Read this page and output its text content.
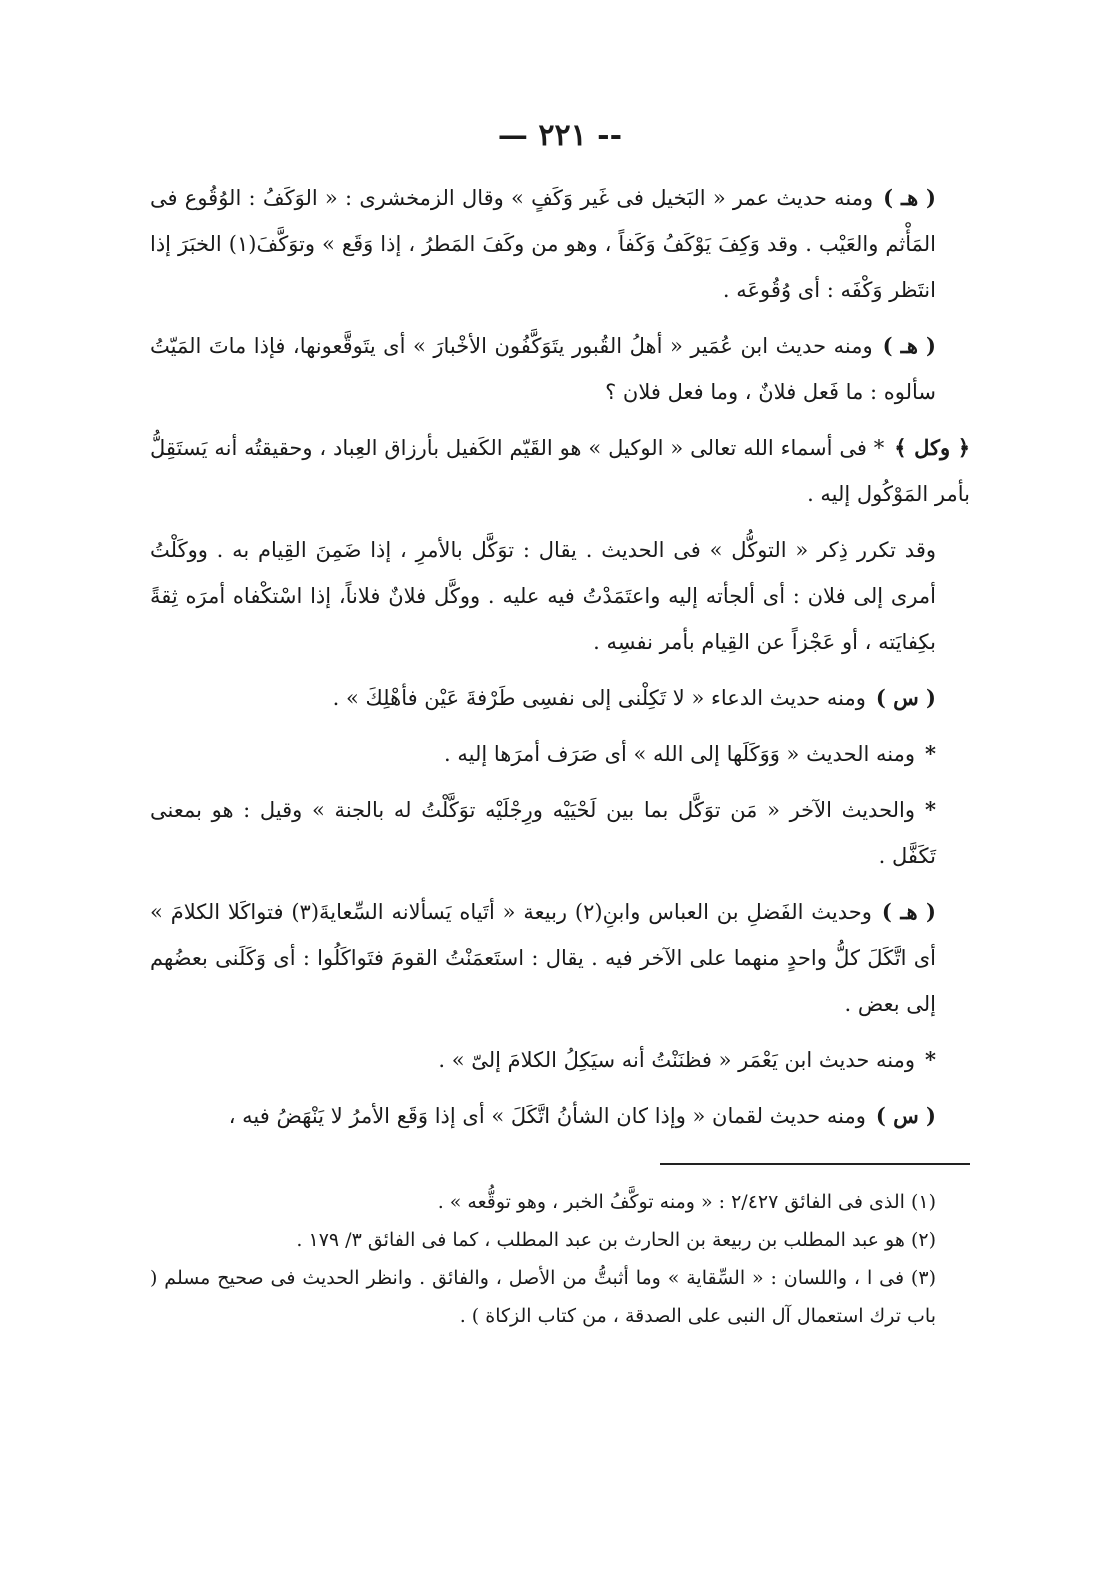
— ٢٢١ --

( هـ )ومنه حديث عمر « البَخيل فى غَير وَكَفٍ » وقال الزمخشرى : « الوَكَفُ : الوُقُوع فى المَأْثم والعَيْب . وقد وَكِفَ يَوْكَفُ وَكَفاً ، وهو من وكَفَ المَطرُ ، إذا وَقَع » وتوَكَّفَ(١) الخبَرَ إذا انتَظر وَكْفَه : أى وُقُوعَه .

( هـ )ومنه حديث ابن عُمَير « أهلُ القُبور يتَوَكَّفُون الأخْبارَ » أى يتَوقَّعونها، فإذا ماتَ المَيّتُ سألوه : ما فَعل فلانٌ ، وما فعل فلان ؟

﴿ وكل ﴾* فى أسماء الله تعالى « الوكيل » هو القَيّم الكَفيل بأرزاق العِباد ، وحقيقتُه أنه يَستَقِلُّ بأمر المَوْكُول إليه .

وقد تكرر ذِكر « التوكُّل » فى الحديث . يقال : توَكَّل بالأمرِ ، إذا ضَمِنَ القِيام به . ووكَلْتُ أمرى إلى فلان : أى ألجأته إليه واعتَمَدْتُ فيه عليه . ووكَّل فلانٌ فلاناً، إذا اسْتكْفاه أمرَه ثِقةً بكِفايَته ، أو عَجْزاً عن القِيام بأمر نفسِه .

( س )ومنه حديث الدعاء « لا تَكِلْنى إلى نفسِى طَرْفةَ عَيْن فأهْلِكَ » .

*ومنه الحديث « وَوَكَلَها إلى الله » أى صَرَف أمرَها إليه .

*والحديث الآخر « مَن توَكَّل بما بين لَحْيَيْه ورِجْلَيْه توَكَّلْتُ له بالجنة » وقيل : هو بمعنى تَكَفَّل .

( هـ )وحديث الفَضلِ بن العباس وابنِ(٢) ربيعة « أتَياه يَسألانه السِّعايةَ(٣) فتواكَلا الكلامَ » أى اتَّكَلَ كلُّ واحدٍ منهما على الآخر فيه . يقال : استَعمَنْتُ القومَ فتَواكَلُوا : أى وَكَلَنى بعضُهم إلى بعض .

*ومنه حديث ابن يَعْمَر « فظنَنْتُ أنه سيَكِلُ الكلامَ إلىّ » .

( س )ومنه حديث لقمان « وإذا كان الشأنُ اتَّكَلَ » أى إذا وَقَع الأمرُ لا يَنْهَضُ فيه ،

(١) الذى فى الفائق ٢/٤٢٧ : « ومنه توكَّفُ الخبر ، وهو توقُّعه » .

(٢) هو عبد المطلب بن ربيعة بن الحارث بن عبد المطلب ، كما فى الفائق ٣/ ١٧٩ .

(٣) فى ا ، واللسان : « السِّقاية » وما أثبتُّ من الأصل ، والفائق . وانظر الحديث فى صحيح مسلم ( باب ترك استعمال آل النبى على الصدقة ، من كتاب الزكاة ) .
